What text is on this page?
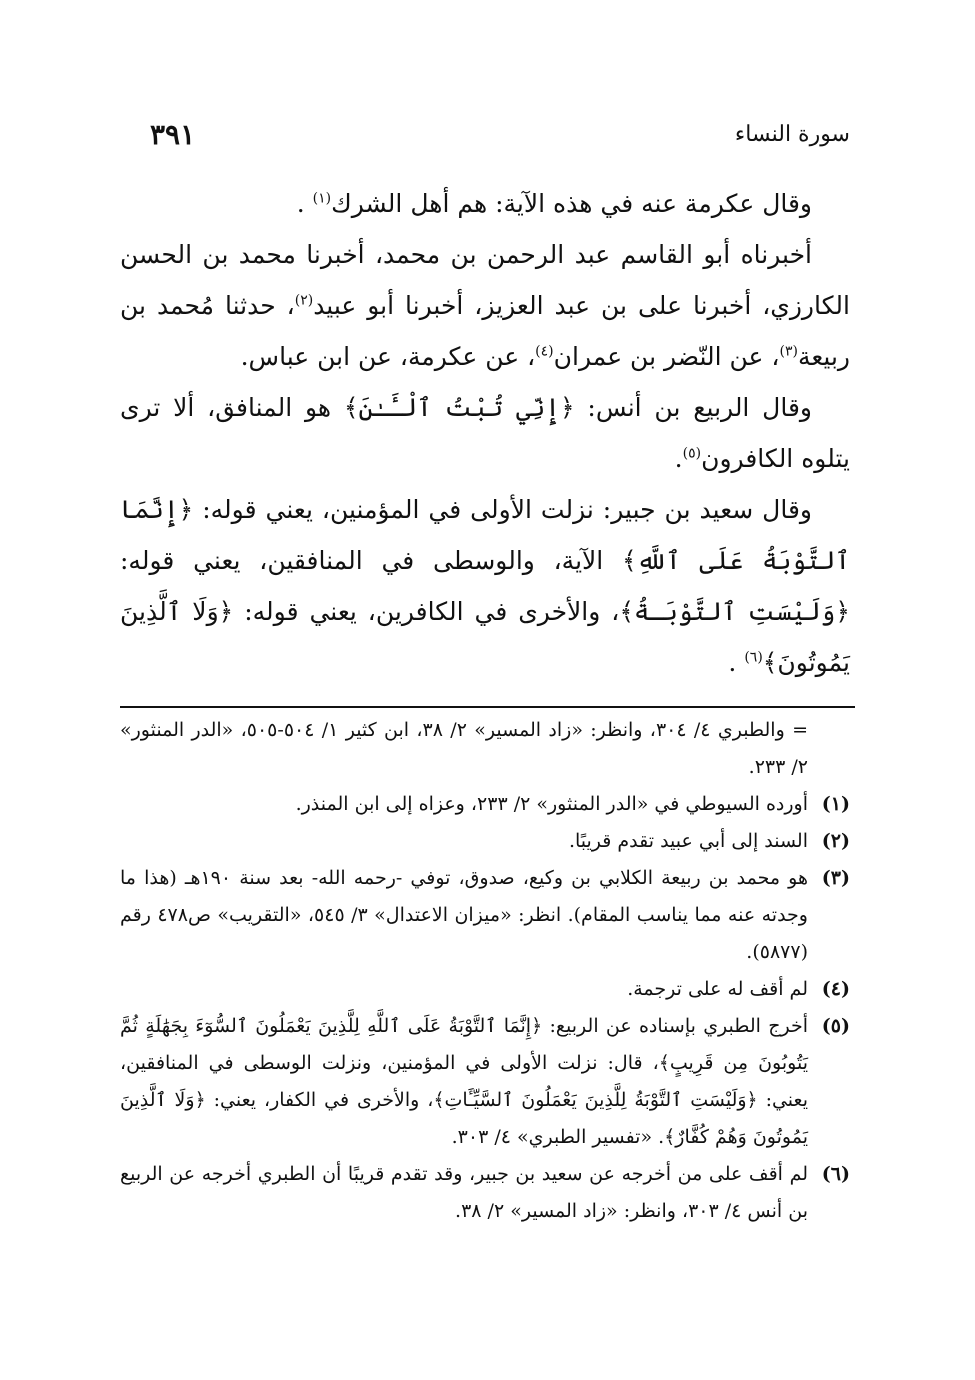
سورة النساء
٣٩١

وقال عكرمة عنه في هذه الآية: هم أهل الشرك$^{(١)}$ .

أخبرناه أبو القاسم عبد الرحمن بن محمد، أخبرنا محمد بن الحسن الكارزي، أخبرنا على بن عبد العزيز، أخبرنا أبو عبيد$^{(٢)}$، حدثنا مُحمد بن ربيعة$^{(٣)}$، عن النّضر بن عمران$^{(٤)}$، عن عكرمة، عن ابن عباس.

وقال الربيع بن أنس: ﴿إِنِّي تُبْتُ ٱلْـَٔـٰنَ﴾ هو المنافق، ألا ترى يتلوه الكافرون$^{(٥)}$.

وقال سعيد بن جبير: نزلت الأولى في المؤمنين، يعني قوله: ﴿إِنَّمَا ٱلتَّوْبَةُ عَلَى ٱللَّهِ﴾ الآية، والوسطى في المنافقين، يعني قوله: ﴿وَلَيْسَتِ ٱلتَّوْبَـةُ﴾، والأخرى في الكافرين، يعني قوله: ﴿وَلَا ٱلَّذِينَ يَمُوتُونَ﴾$^{(٦)}$ .

= والطبري ٤/ ٣٠٤، وانظر: «زاد المسير» ٢/ ٣٨، ابن كثير ١/ ٥٠٤-٥٠٥، «الدر المنثور» ٢/ ٢٣٣.

(١)
أورده السيوطي في «الدر المنثور» ٢/ ٢٣٣، وعزاه إلى ابن المنذر.

(٢)
السند إلى أبي عبيد تقدم قريبًا.

(٣)
هو محمد بن ربيعة الكلابي بن وكيع، صدوق، توفي -رحمه الله- بعد سنة ١٩٠هـ (هذا ما وجدته عنه مما يناسب المقام). انظر: «ميزان الاعتدال» ٣/ ٥٤٥، «التقريب» ص٤٧٨ رقم (٥٨٧٧).

(٤)
لم أقف له على ترجمة.

(٥)
أخرج الطبري بإسناده عن الربيع: ﴿إِنَّمَا ٱلتَّوْبَةُ عَلَى ٱللَّهِ لِلَّذِينَ يَعْمَلُونَ ٱلسُّوٓءَ بِجَهَٰلَةٍ ثُمَّ يَتُوبُونَ مِن قَرِيبٍ﴾، قال: نزلت الأولى في المؤمنين، ونزلت الوسطى في المنافقين، يعني: ﴿وَلَيْسَتِ ٱلتَّوْبَةُ لِلَّذِينَ يَعْمَلُونَ ٱلسَّيِّـَٔاتِ﴾، والأخرى في الكفار، يعني: ﴿وَلَا ٱلَّذِينَ يَمُوتُونَ وَهُمْ كُفَّارٌ﴾. «تفسير الطبري» ٤/ ٣٠٣.

(٦)
لم أقف على من أخرجه عن سعيد بن جبير، وقد تقدم قريبًا أن الطبري أخرجه عن الربيع بن أنس ٤/ ٣٠٣، وانظر: «زاد المسير» ٢/ ٣٨.
